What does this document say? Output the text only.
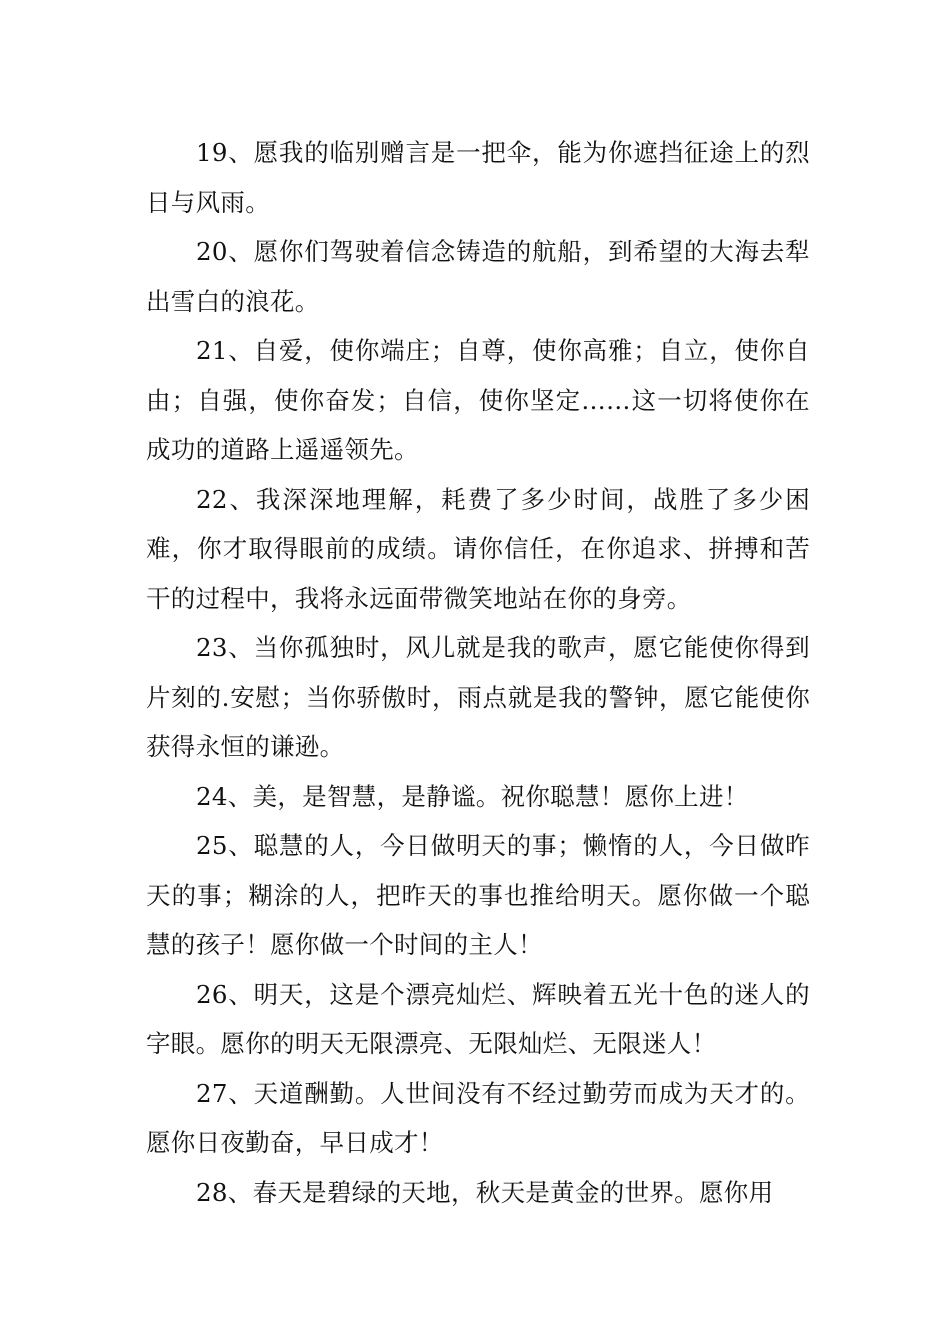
19、愿我的临别赠言是一把伞，能为你遮挡征途上的烈日与风雨。

20、愿你们驾驶着信念铸造的航船，到希望的大海去犁出雪白的浪花。

21、自爱，使你端庄；自尊，使你高雅；自立，使你自由；自强，使你奋发；自信，使你坚定……这一切将使你在成功的道路上遥遥领先。

22、我深深地理解，耗费了多少时间，战胜了多少困难，你才取得眼前的成绩。请你信任，在你追求、拼搏和苦干的过程中，我将永远面带微笑地站在你的身旁。

23、当你孤独时，风儿就是我的歌声，愿它能使你得到片刻的.安慰；当你骄傲时，雨点就是我的警钟，愿它能使你获得永恒的谦逊。

24、美，是智慧，是静谧。祝你聪慧！愿你上进！

25、聪慧的人，今日做明天的事；懒惰的人，今日做昨天的事；糊涂的人，把昨天的事也推给明天。愿你做一个聪慧的孩子！愿你做一个时间的主人！

26、明天，这是个漂亮灿烂、辉映着五光十色的迷人的字眼。愿你的明天无限漂亮、无限灿烂、无限迷人！

27、天道酬勤。人世间没有不经过勤劳而成为天才的。愿你日夜勤奋，早日成才！

28、春天是碧绿的天地，秋天是黄金的世界。愿你用
